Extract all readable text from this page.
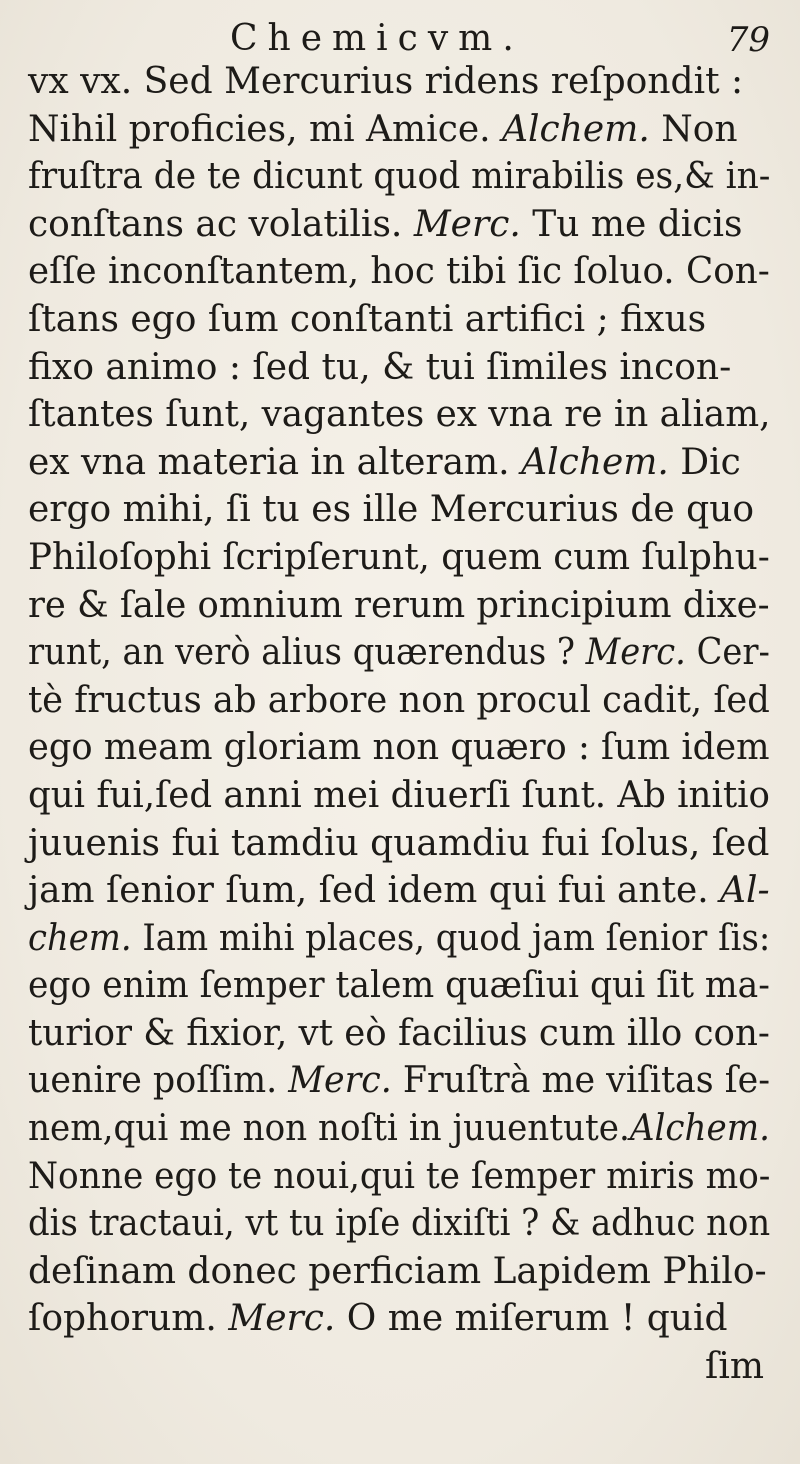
Chemicvm.	79
vx vx. Sed Mercurius ridens reſpondit :
Nihil proficies, mi Amice. Alchem. Non
fruſtra de te dicunt quod mirabilis es,& in-
conſtans ac volatilis. Merc. Tu me dicis
eſſe inconſtantem, hoc tibi ſic ſoluo. Con-
ſtans ego ſum conſtanti artifici ; fixus
fixo animo : ſed tu, & tui ſimiles incon-
ſtantes ſunt, vagantes ex vna re in aliam,
ex vna materia in alteram. Alchem. Dic
ergo mihi, ſi tu es ille Mercurius de quo
Philoſophi ſcripſerunt, quem cum ſulphu-
re & ſale omnium rerum principium dixe-
runt, an verò alius quærendus ? Merc. Cer-
tè fructus ab arbore non procul cadit, ſed
ego meam gloriam non quæro : ſum idem
qui fui,ſed anni mei diuerſi ſunt. Ab initio
juuenis fui tamdiu quamdiu fui ſolus, ſed
jam ſenior ſum, ſed idem qui fui ante. Al-
chem. Iam mihi places, quod jam ſenior ſis:
ego enim ſemper talem quæſiui qui ſit ma-
turior & fixior, vt eò facilius cum illo con-
uenire poſſim. Merc. Fruſtrà me viſitas ſe-
nem,qui me non noſti in juuentute.Alchem.
Nonne ego te noui,qui te ſemper miris mo-
dis tractaui, vt tu ipſe dixiſti ? & adhuc non
deſinam donec perficiam Lapidem Philo-
ſophorum. Merc. O me miſerum ! quid
ſim
